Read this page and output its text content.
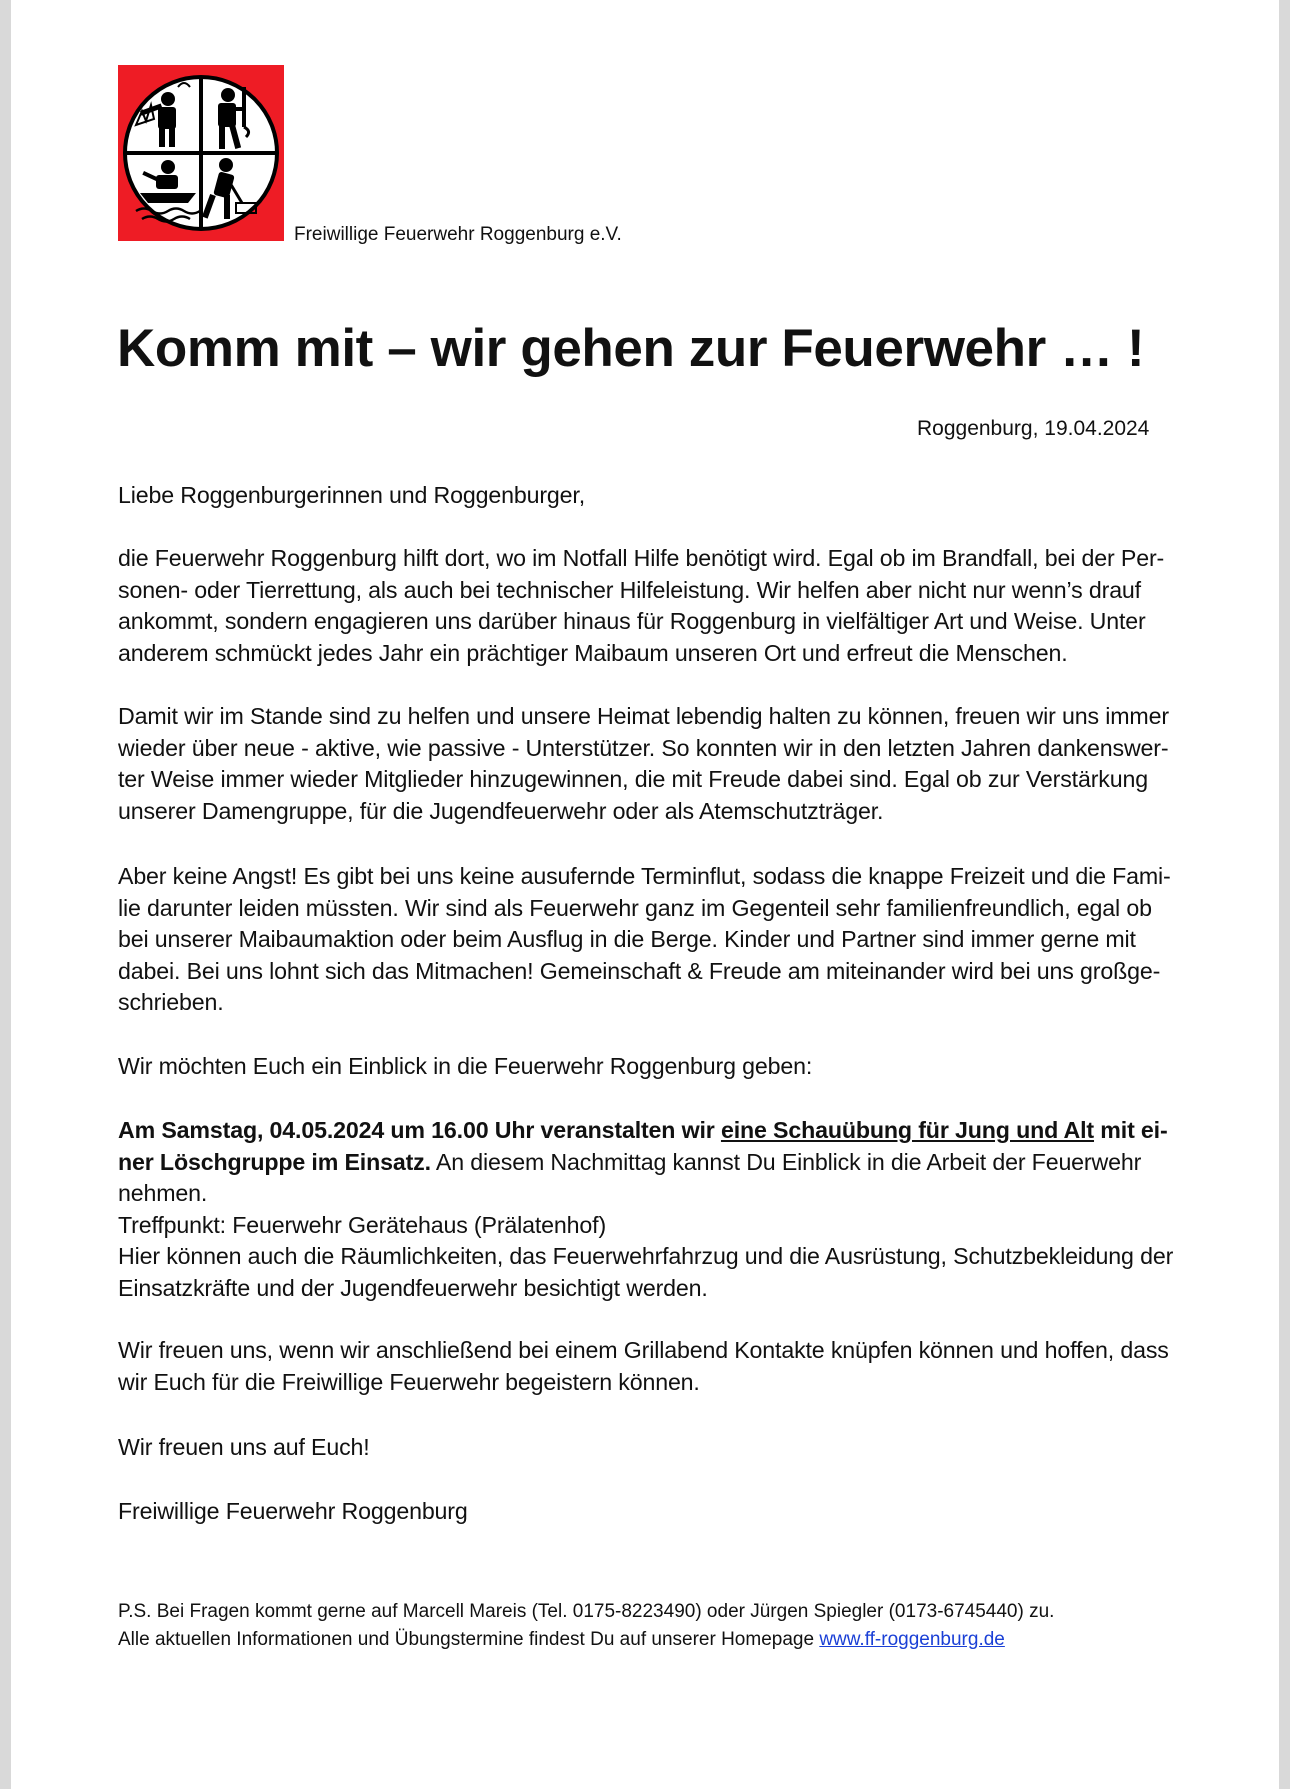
Freiwillige Feuerwehr Roggenburg e.V.
Komm mit – wir gehen zur Feuerwehr … !
Roggenburg, 19.04.2024

Liebe Roggenburgerinnen und Roggenburger,

die Feuerwehr Roggenburg hilft dort, wo im Notfall Hilfe benötigt wird. Egal ob im Brandfall, bei der Per-
sonen- oder Tierrettung, als auch bei technischer Hilfeleistung. Wir helfen aber nicht nur wenn’s drauf
ankommt, sondern engagieren uns darüber hinaus für Roggenburg in vielfältiger Art und Weise. Unter
anderem schmückt jedes Jahr ein prächtiger Maibaum unseren Ort und erfreut die Menschen.

Damit wir im Stande sind zu helfen und unsere Heimat lebendig halten zu können, freuen wir uns immer
wieder über neue - aktive, wie passive - Unterstützer. So konnten wir in den letzten Jahren dankenswer-
ter Weise immer wieder Mitglieder hinzugewinnen, die mit Freude dabei sind. Egal ob zur Verstärkung
unserer Damengruppe, für die Jugendfeuerwehr oder als Atemschutzträger.

Aber keine Angst! Es gibt bei uns keine ausufernde Terminflut, sodass die knappe Freizeit und die Fami-
lie darunter leiden müssten. Wir sind als Feuerwehr ganz im Gegenteil sehr familienfreundlich, egal ob
bei unserer Maibaumaktion oder beim Ausflug in die Berge. Kinder und Partner sind immer gerne mit
dabei. Bei uns lohnt sich das Mitmachen! Gemeinschaft & Freude am miteinander wird bei uns großge-
schrieben.

Wir möchten Euch ein Einblick in die Feuerwehr Roggenburg geben:

Am Samstag, 04.05.2024 um 16.00 Uhr veranstalten wir eine Schauübung für Jung und Alt mit ei-
ner Löschgruppe im Einsatz. An diesem Nachmittag kannst Du Einblick in die Arbeit der Feuerwehr
nehmen.
Treffpunkt: Feuerwehr Gerätehaus (Prälatenhof)
Hier können auch die Räumlichkeiten, das Feuerwehrfahrzug und die Ausrüstung, Schutzbekleidung der
Einsatzkräfte und der Jugendfeuerwehr besichtigt werden.

Wir freuen uns, wenn wir anschließend bei einem Grillabend Kontakte knüpfen können und hoffen, dass
wir Euch für die Freiwillige Feuerwehr begeistern können.

Wir freuen uns auf Euch!

Freiwillige Feuerwehr Roggenburg

P.S. Bei Fragen kommt gerne auf Marcell Mareis (Tel. 0175-8223490) oder Jürgen Spiegler (0173-6745440) zu.
Alle aktuellen Informationen und Übungstermine findest Du auf unserer Homepage www.ff-roggenburg.de
